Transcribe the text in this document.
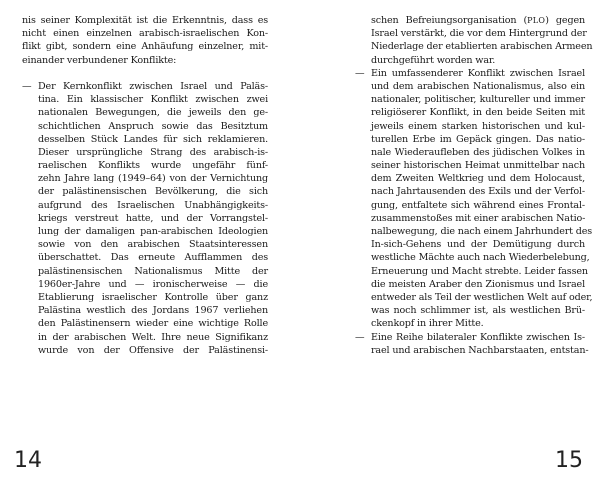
nis seiner Komplexität ist die Erkenntnis, dass es
nicht einen einzelnen arabisch-israelischen Kon-
flikt gibt, sondern eine Anhäufung einzelner, mit-
einander verbundener Konflikte:
— Der Kernkonflikt zwischen Israel und Paläs-
tina. Ein klassischer Konflikt zwischen zwei
nationalen Bewegungen, die jeweils den ge-
schichtlichen Anspruch sowie das Besitztum
desselben Stück Landes für sich reklamieren.
Dieser ursprüngliche Strang des arabisch-is-
raelischen Konflikts wurde ungefähr fünf-
zehn Jahre lang (1949–64) von der Vernichtung
der palästinensischen Bevölkerung, die sich
aufgrund des Israelischen Unabhängigkeits-
kriegs verstreut hatte, und der Vorrangstel-
lung der damaligen pan-arabischen Ideologien
sowie von den arabischen Staatsinteressen
überschattet. Das erneute Aufflammen des
palästinensischen Nationalismus Mitte der
1960er-Jahre und — ironischerweise — die
Etablierung israelischer Kontrolle über ganz
Palästina westlich des Jordans 1967 verliehen
den Palästinensern wieder eine wichtige Rolle
in der arabischen Welt. Ihre neue Signifikanz
wurde von der Offensive der Palästinensi-
schen Befreiungsorganisation (PLO) gegen
Israel verstärkt, die vor dem Hintergrund der
Niederlage der etablierten arabischen Armeen
durchgeführt worden war.
— Ein umfassenderer Konflikt zwischen Israel
und dem arabischen Nationalismus, also ein
nationaler, politischer, kultureller und immer
religiöserer Konflikt, in den beide Seiten mit
jeweils einem starken historischen und kul-
turellen Erbe im Gepäck gingen. Das natio-
nale Wiederaufleben des jüdischen Volkes in
seiner historischen Heimat unmittelbar nach
dem Zweiten Weltkrieg und dem Holocaust,
nach Jahrtausenden des Exils und der Verfol-
gung, entfaltete sich während eines Frontal-
zusammenstoßes mit einer arabischen Natio-
nalbewegung, die nach einem Jahrhundert des
In-sich-Gehens und der Demütigung durch
westliche Mächte auch nach Wiederbelebung,
Erneuerung und Macht strebte. Leider fassen
die meisten Araber den Zionismus und Israel
entweder als Teil der westlichen Welt auf oder,
was noch schlimmer ist, als westlichen Brü-
ckenkopf in ihrer Mitte.
— Eine Reihe bilateraler Konflikte zwischen Is-
rael und arabischen Nachbarstaaten, entstan-
14	15
